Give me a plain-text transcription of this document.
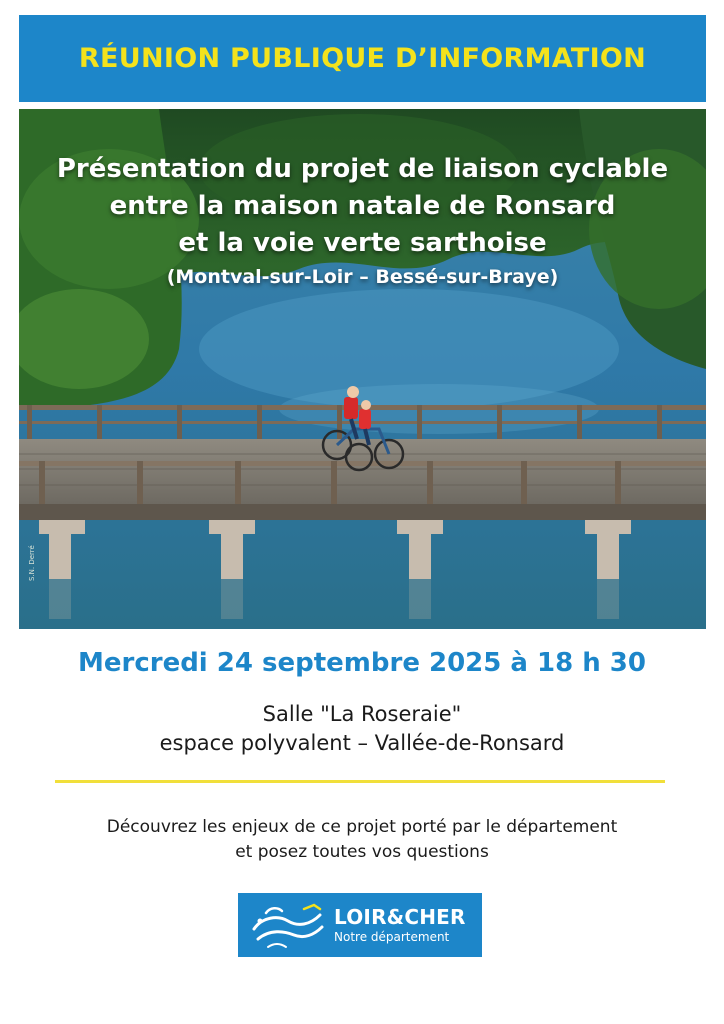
RÉUNION PUBLIQUE D’INFORMATION
Présentation du projet de liaison cyclable
entre la maison natale de Ronsard
et la voie verte sarthoise
(Montval-sur-Loir – Bessé-sur-Braye)
S.N. Derré
Mercredi 24 septembre 2025 à 18 h 30
Salle "La Roseraie"
espace polyvalent – Vallée-de-Ronsard
Découvrez les enjeux de ce projet porté par le département
et posez toutes vos questions
LOIR&CHER
Notre département
